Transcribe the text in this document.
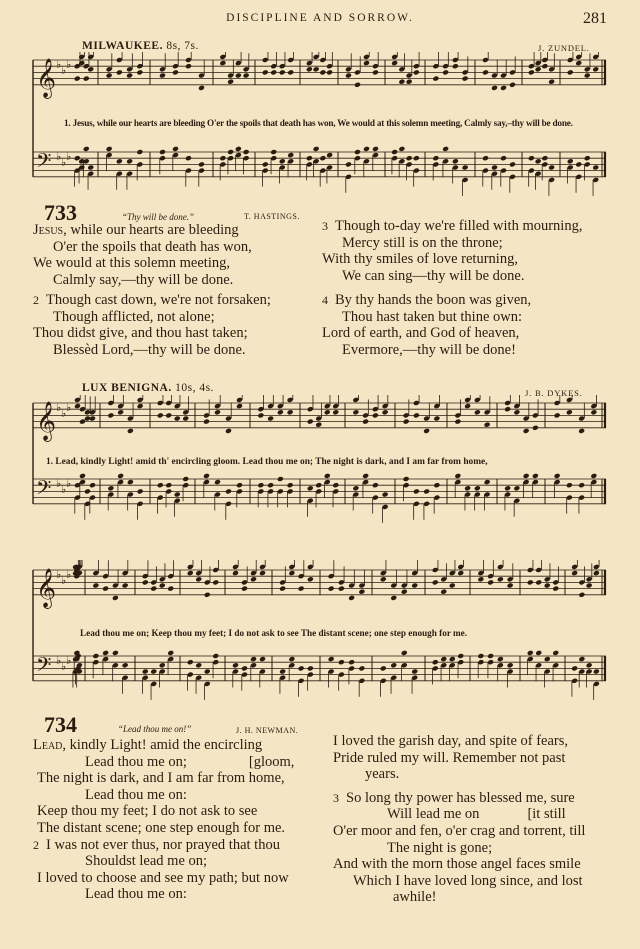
DISCIPLINE AND SORROW.	281
MILWAUKEE. 8s, 7s.	J. ZUNDEL.
𝄞 ♭ ♭ ♭
𝄢 ♭ ♭ ♭
1. Jesus, while our hearts are bleeding O'er the spoils that death has won, We would at this solemn meeting, Calmly say,–thy will be done.
733	“Thy will be done.”	T. HASTINGS.
Jesus, while our hearts are bleeding
O'er the spoils that death has won,
We would at this solemn meeting,
Calmly say,—thy will be done.
2 Though cast down, we're not forsaken;
Though afflicted, not alone;
Thou didst give, and thou hast taken;
Blessèd Lord,—thy will be done.
3 Though to-day we're filled with mourning,
Mercy still is on the throne;
With thy smiles of love returning,
We can sing—thy will be done.
4 By thy hands the boon was given,
Thou hast taken but thine own:
Lord of earth, and God of heaven,
Evermore,—thy will be done!
LUX BENIGNA. 10s, 4s.	J. B. DYKES.
𝄞 ♭ ♭ ♭
𝄢 ♭ ♭ ♭
1. Lead, kindly Light! amid th' encircling gloom. Lead thou me on; The night is dark, and I am far from home,
𝄞 ♭ ♭ ♭
𝄢 ♭ ♭ ♭
Lead thou me on; Keep thou my feet; I do not ask to see The distant scene; one step enough for me.
734	“Lead thou me on!”	J. H. NEWMAN.
Lead, kindly Light! amid the encircling
Lead thou me on;	[gloom,
The night is dark, and I am far from home,
Lead thou me on:
Keep thou my feet; I do not ask to see
The distant scene; one step enough for me.
2 I was not ever thus, nor prayed that thou
Shouldst lead me on;
I loved to choose and see my path; but now
Lead thou me on:
I loved the garish day, and spite of fears,
Pride ruled my will. Remember not past
years.
3 So long thy power has blessed me, sure
Will lead me on	[it still
O'er moor and fen, o'er crag and torrent, till
The night is gone;
And with the morn those angel faces smile
Which I have loved long since, and lost
awhile!
